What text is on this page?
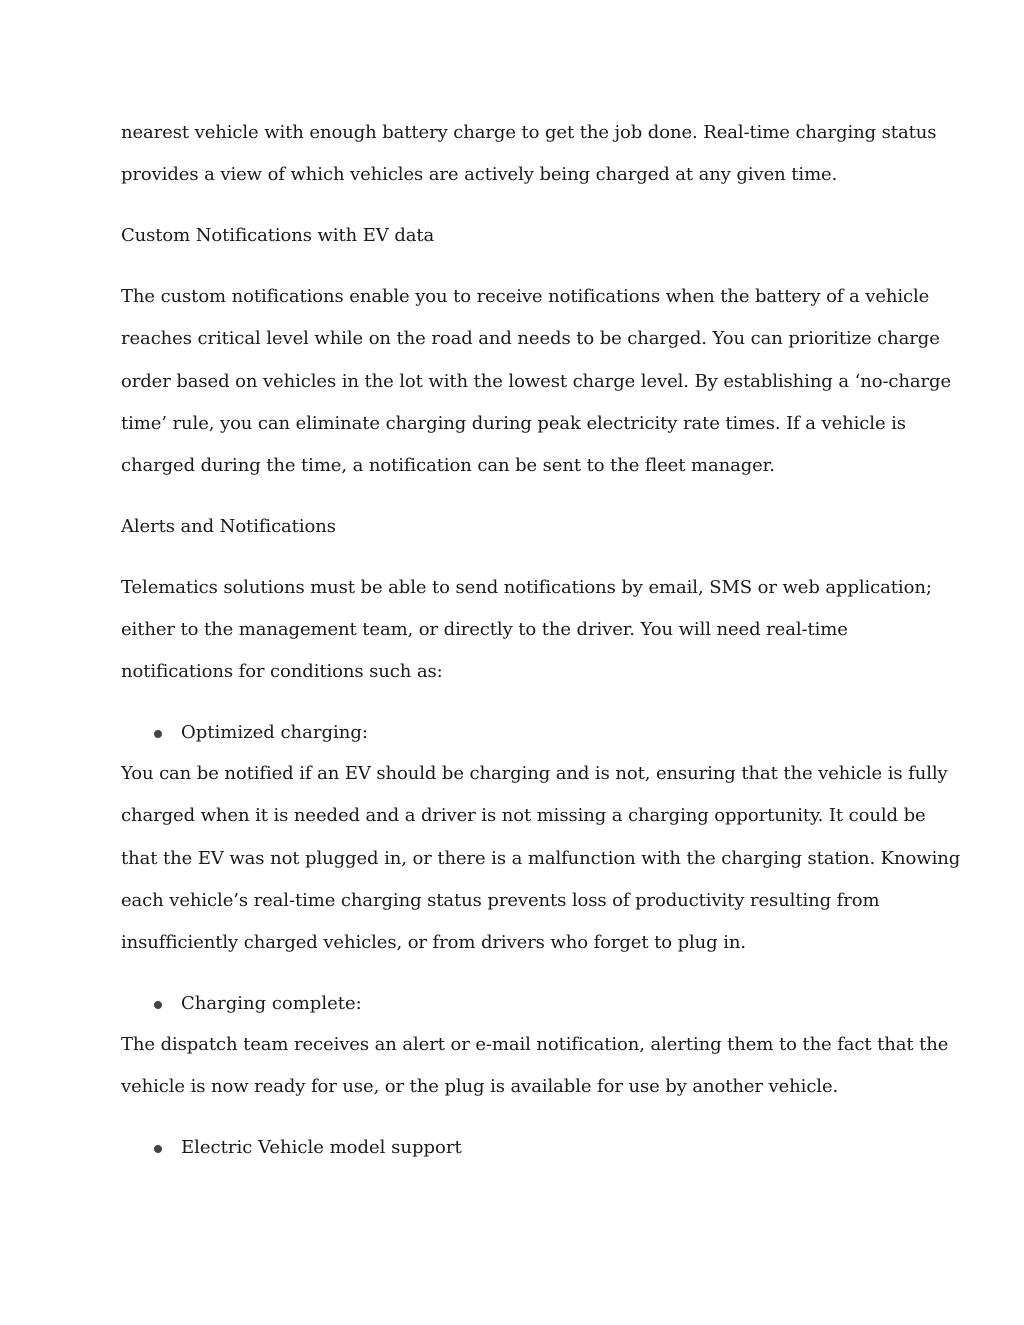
nearest vehicle with enough battery charge to get the job done. Real-time charging status

provides a view of which vehicles are actively being charged at any given time.

Custom Notifications with EV data

The custom notifications enable you to receive notifications when the battery of a vehicle

reaches critical level while on the road and needs to be charged. You can prioritize charge

order based on vehicles in the lot with the lowest charge level. By establishing a ‘no-charge

time’ rule, you can eliminate charging during peak electricity rate times. If a vehicle is

charged during the time, a notification can be sent to the fleet manager.

Alerts and Notifications

Telematics solutions must be able to send notifications by email, SMS or web application;

either to the management team, or directly to the driver. You will need real-time

notifications for conditions such as:

Optimized charging:

You can be notified if an EV should be charging and is not, ensuring that the vehicle is fully

charged when it is needed and a driver is not missing a charging opportunity. It could be

that the EV was not plugged in, or there is a malfunction with the charging station. Knowing

each vehicle’s real-time charging status prevents loss of productivity resulting from

insufficiently charged vehicles, or from drivers who forget to plug in.

Charging complete:

The dispatch team receives an alert or e-mail notification, alerting them to the fact that the

vehicle is now ready for use, or the plug is available for use by another vehicle.

Electric Vehicle model support
